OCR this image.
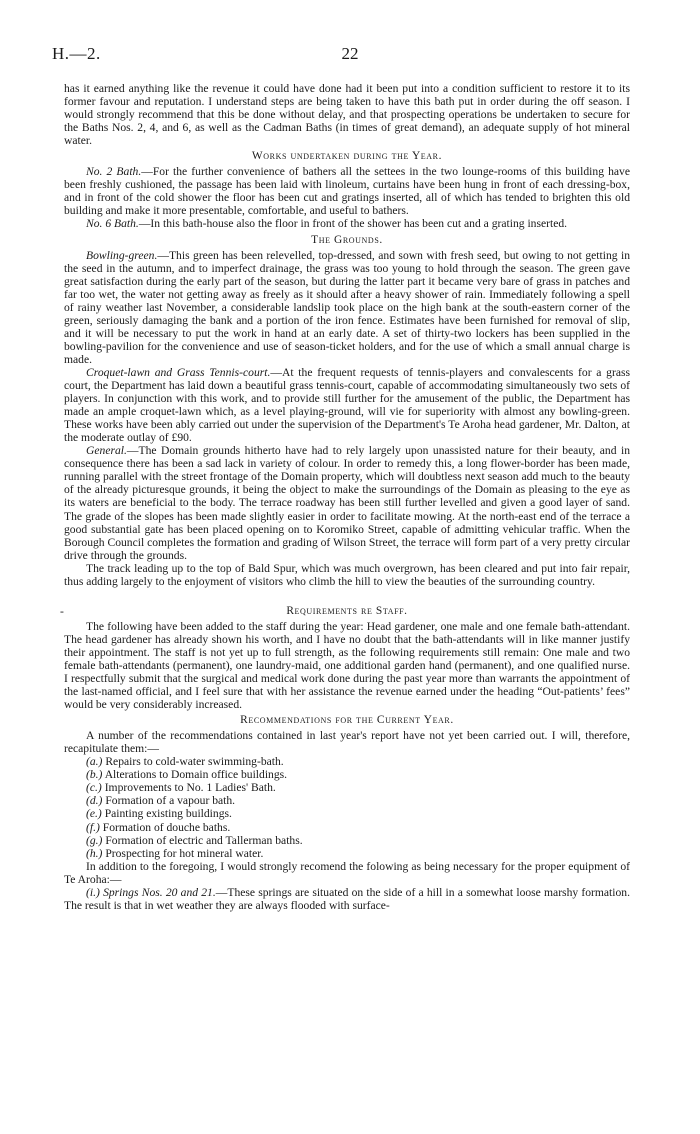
H.—2.	22

has it earned anything like the revenue it could have done had it been put into a condition sufficient to restore it to its former favour and reputation. I understand steps are being taken to have this bath put in order during the off season. I would strongly recommend that this be done without delay, and that prospecting operations be undertaken to secure for the Baths Nos. 2, 4, and 6, as well as the Cadman Baths (in times of great demand), an adequate supply of hot mineral water.

Works undertaken during the Year.

No. 2 Bath.—For the further convenience of bathers all the settees in the two lounge-rooms of this building have been freshly cushioned, the passage has been laid with linoleum, curtains have been hung in front of each dressing-box, and in front of the cold shower the floor has been cut and gratings inserted, all of which has tended to brighten this old building and make it more presentable, comfortable, and useful to bathers.

No. 6 Bath.—In this bath-house also the floor in front of the shower has been cut and a grating inserted.

The Grounds.

Bowling-green.—This green has been relevelled, top-dressed, and sown with fresh seed, but owing to not getting in the seed in the autumn, and to imperfect drainage, the grass was too young to hold through the season. The green gave great satisfaction during the early part of the season, but during the latter part it became very bare of grass in patches and far too wet, the water not getting away as freely as it should after a heavy shower of rain. Immediately following a spell of rainy weather last November, a considerable landslip took place on the high bank at the south-eastern corner of the green, seriously damaging the bank and a portion of the iron fence. Estimates have been furnished for removal of slip, and it will be necessary to put the work in hand at an early date. A set of thirty-two lockers has been supplied in the bowling-pavilion for the convenience and use of season-ticket holders, and for the use of which a small annual charge is made.

Croquet-lawn and Grass Tennis-court.—At the frequent requests of tennis-players and convalescents for a grass court, the Department has laid down a beautiful grass tennis-court, capable of accommodating simultaneously two sets of players. In conjunction with this work, and to provide still further for the amusement of the public, the Department has made an ample croquet-lawn which, as a level playing-ground, will vie for superiority with almost any bowling-green. These works have been ably carried out under the supervision of the Department's Te Aroha head gardener, Mr. Dalton, at the moderate outlay of £90.

General.—The Domain grounds hitherto have had to rely largely upon unassisted nature for their beauty, and in consequence there has been a sad lack in variety of colour. In order to remedy this, a long flower-border has been made, running parallel with the street frontage of the Domain property, which will doubtless next season add much to the beauty of the already picturesque grounds, it being the object to make the surroundings of the Domain as pleasing to the eye as its waters are beneficial to the body. The terrace roadway has been still further levelled and given a good layer of sand. The grade of the slopes has been made slightly easier in order to facilitate mowing. At the north-east end of the terrace a good substantial gate has been placed opening on to Koromiko Street, capable of admitting vehicular traffic. When the Borough Council completes the formation and grading of Wilson Street, the terrace will form part of a very pretty circular drive through the grounds.

The track leading up to the top of Bald Spur, which was much overgrown, has been cleared and put into fair repair, thus adding largely to the enjoyment of visitors who climb the hill to view the beauties of the surrounding country.

-	Requirements re Staff.

The following have been added to the staff during the year: Head gardener, one male and one female bath-attendant. The head gardener has already shown his worth, and I have no doubt that the bath-attendants will in like manner justify their appointment. The staff is not yet up to full strength, as the following requirements still remain: One male and two female bath-attendants (permanent), one laundry-maid, one additional garden hand (permanent), and one qualified nurse. I respectfully submit that the surgical and medical work done during the past year more than warrants the appointment of the last-named official, and I feel sure that with her assistance the revenue earned under the heading “Out-patients’ fees” would be very considerably increased.

Recommendations for the Current Year.

A number of the recommendations contained in last year's report have not yet been carried out. I will, therefore, recapitulate them:—

(a.) Repairs to cold-water swimming-bath.

(b.) Alterations to Domain office buildings.

(c.) Improvements to No. 1 Ladies' Bath.

(d.) Formation of a vapour bath.

(e.) Painting existing buildings.

(f.) Formation of douche baths.

(g.) Formation of electric and Tallerman baths.

(h.) Prospecting for hot mineral water.

In addition to the foregoing, I would strongly recomend the folowing as being necessary for the proper equipment of Te Aroha:—

(i.) Springs Nos. 20 and 21.—These springs are situated on the side of a hill in a somewhat loose marshy formation. The result is that in wet weather they are always flooded with surface-
